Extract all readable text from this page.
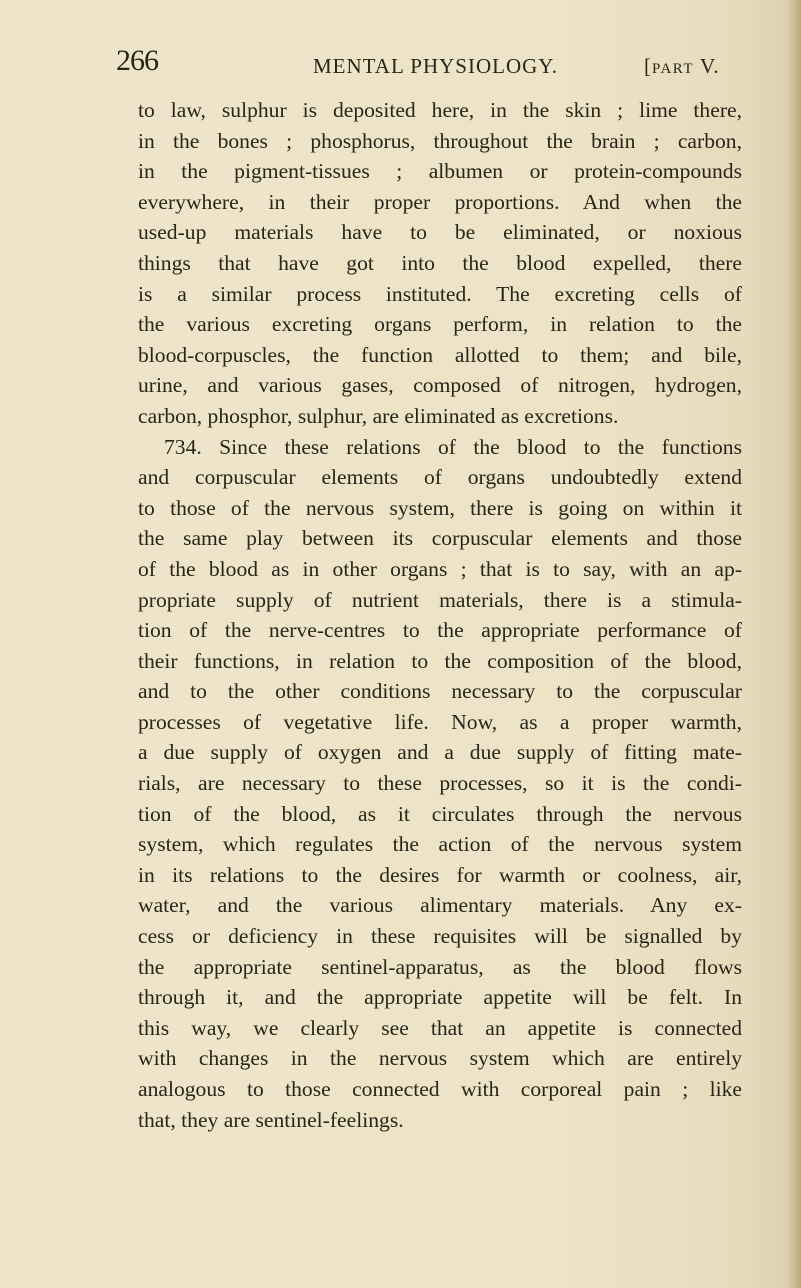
266	MENTAL PHYSIOLOGY.	[PART V.
to law, sulphur is deposited here, in the skin ; lime there,
in the bones ; phosphorus, throughout the brain ; carbon,
in the pigment-tissues ; albumen or protein-compounds
everywhere, in their proper proportions. And when the
used-up materials have to be eliminated, or noxious
things that have got into the blood expelled, there
is a similar process instituted. The excreting cells of
the various excreting organs perform, in relation to the
blood-corpuscles, the function allotted to them; and bile,
urine, and various gases, composed of nitrogen, hydrogen,
carbon, phosphor, sulphur, are eliminated as excretions.
734. Since these relations of the blood to the functions
and corpuscular elements of organs undoubtedly extend
to those of the nervous system, there is going on within it
the same play between its corpuscular elements and those
of the blood as in other organs ; that is to say, with an ap-
propriate supply of nutrient materials, there is a stimula-
tion of the nerve-centres to the appropriate performance of
their functions, in relation to the composition of the blood,
and to the other conditions necessary to the corpuscular
processes of vegetative life. Now, as a proper warmth,
a due supply of oxygen and a due supply of fitting mate-
rials, are necessary to these processes, so it is the condi-
tion of the blood, as it circulates through the nervous
system, which regulates the action of the nervous system
in its relations to the desires for warmth or coolness, air,
water, and the various alimentary materials. Any ex-
cess or deficiency in these requisites will be signalled by
the appropriate sentinel-apparatus, as the blood flows
through it, and the appropriate appetite will be felt. In
this way, we clearly see that an appetite is connected
with changes in the nervous system which are entirely
analogous to those connected with corporeal pain ; like
that, they are sentinel-feelings.
